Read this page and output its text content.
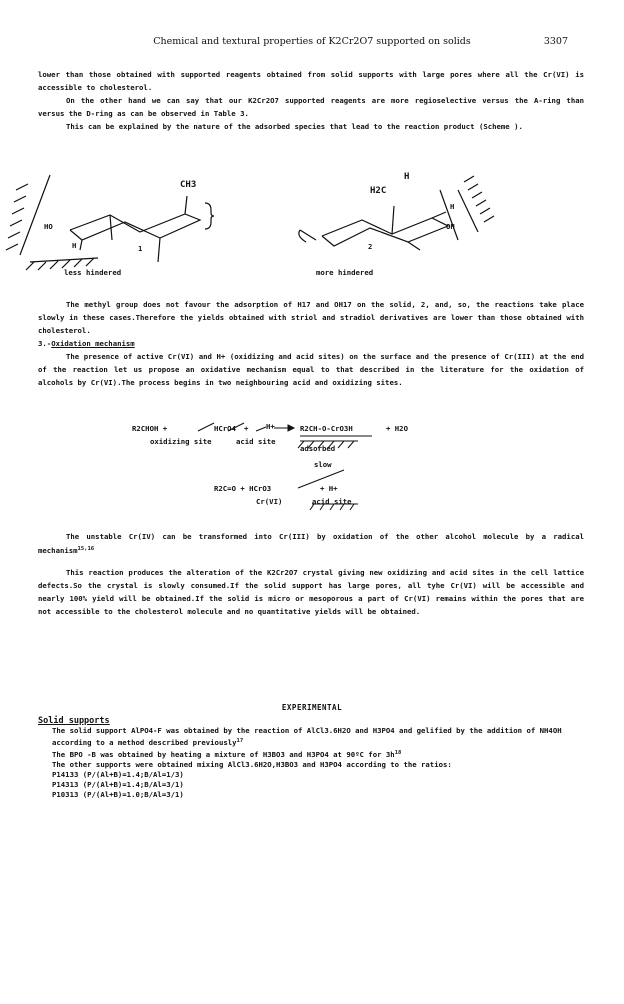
Chemical and textural properties of K2Cr2O7 supported on solids	3307
lower than those obtained with supported reagents obtained from solid supports with large pores where all the Cr(VI) is accessible to cholesterol.
On the other hand we can say that our K2Cr2O7 supported reagents are more regioselective versus the A-ring than versus the D-ring as can be observed in Table 3.
This can be explained by the nature of the adsorbed species that lead to the reaction product (Scheme ).
CH3
HO
H	1
less hindered
H2C
H
H
OH
2
more hindered
The methyl group does not favour the adsorption of H17 and OH17 on the solid, 2, and, so, the reactions take place slowly in these cases.Therefore the yields obtained with striol and stradiol derivatives are lower than those obtained with cholesterol.
3.-Oxidation mechanism
The presence of active Cr(VI) and H+ (oxidizing and acid sites) on the surface and the presence of Cr(III) at the end of the reaction let us propose an oxidative mechanism equal to that described in the literature for the oxidation of alcohols by Cr(VI).The process begins in two neighbouring acid and oxidizing sites.
R2CHOH +	HCrO4 + H+	R2CH-O-CrO3H	+ H2O
oxidizing site	acid site
adsorbed
slow
R2C=O + HCrO3	+ H+
Cr(VI)	acid site
The unstable Cr(IV) can be transformed into Cr(III) by oxidation of the other alcohol molecule by a radical mechanism$^{15,16}$
This reaction produces the alteration of the K2Cr2O7 crystal giving new oxidizing and acid sites in the cell lattice defects.So the crystal is slowly consumed.If the solid support has large pores, all tyhe Cr(VI) will be accessible and nearly 100% yield will be obtained.If the solid is micro or mesoporous a part of Cr(VI) remains within the pores that are not accessible to the cholesterol molecule and no quantitative yields will be obtained.
EXPERIMENTAL
Solid supports
The solid support AlPO4-F was obtained by the reaction of AlCl3.6H2O and H3PO4 and gelified by the addition of NH4OH according to a method described previously$^{17}$
The BPO -B was obtained by heating a mixture of H3BO3 and H3PO4 at 90ºC for $3h^{18}$
The other supports were obtained mixing AlCl3.6H2O,H3BO3 and H3PO4 according to the ratios:
P14133 (P/(Al+B)=1.4;B/Al=1/3)
P14313 (P/(Al+B)=1.4;B/Al=3/1)
P10313 (P/(Al+B)=1.0;B/Al=3/1)
